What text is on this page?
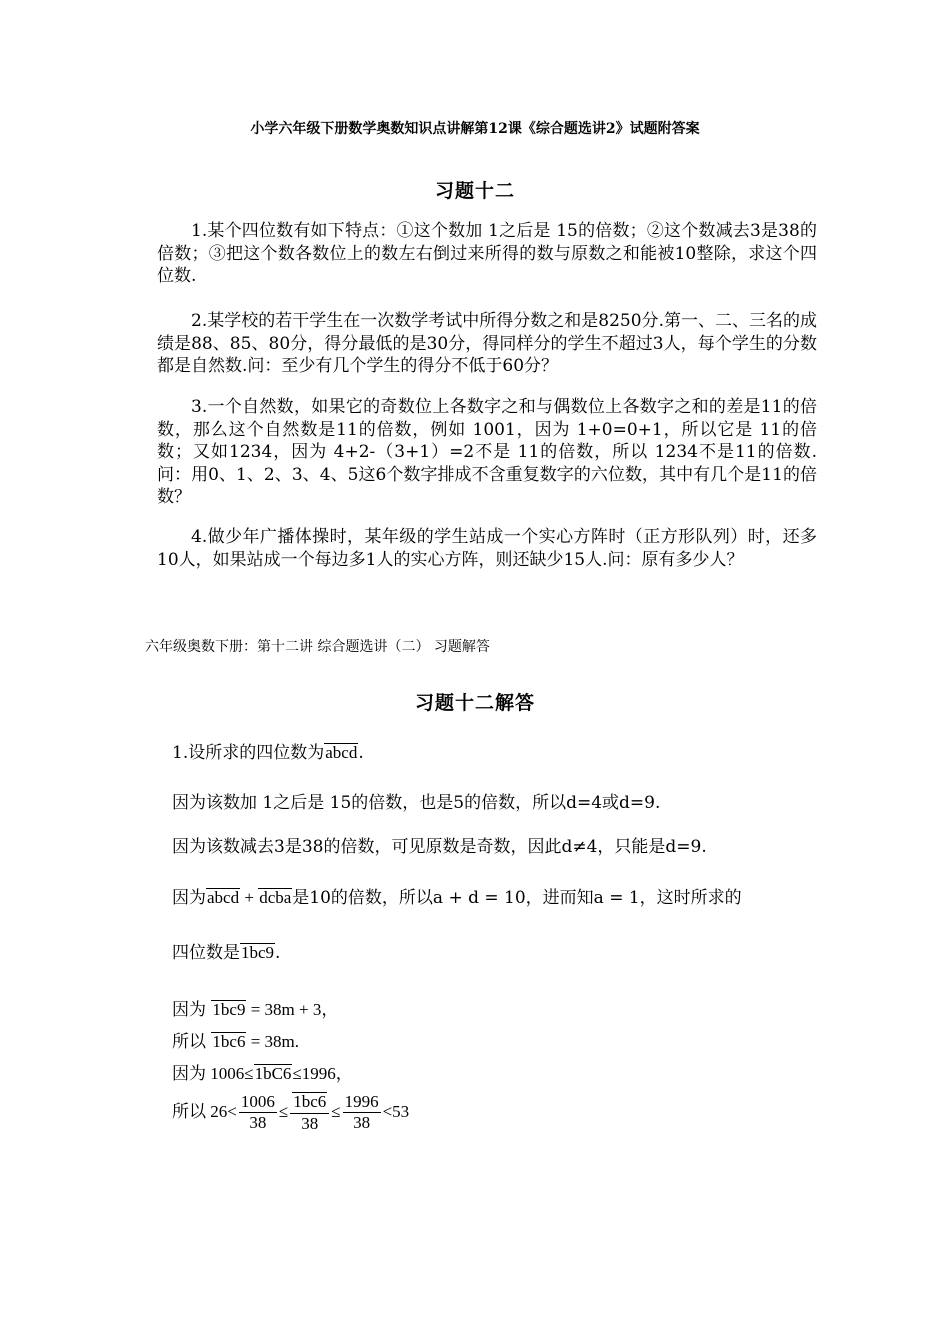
小学六年级下册数学奥数知识点讲解第12课《综合题选讲2》试题附答案
习题十二

1.某个四位数有如下特点：①这个数加 1之后是 15的倍数；②这个数减去3是38的倍数；③把这个数各数位上的数左右倒过来所得的数与原数之和能被10整除，求这个四位数.

2.某学校的若干学生在一次数学考试中所得分数之和是8250分.第一、二、三名的成绩是88、85、80分，得分最低的是30分，得同样分的学生不超过3人，每个学生的分数都是自然数.问：至少有几个学生的得分不低于60分？

3.一个自然数，如果它的奇数位上各数字之和与偶数位上各数字之和的差是11的倍数，那么这个自然数是11的倍数，例如 1001，因为 1+0=0+1，所以它是 11的倍数；又如1234，因为 4+2-（3+1）=2不是 11的倍数，所以 1234不是11的倍数.问：用0、1、2、3、4、5这6个数字排成不含重复数字的六位数，其中有几个是11的倍数？

4.做少年广播体操时，某年级的学生站成一个实心方阵时（正方形队列）时，还多10人，如果站成一个每边多1人的实心方阵，则还缺少15人.问：原有多少人？

六年级奥数下册：第十二讲 综合题选讲（二） 习题解答
习题十二解答

1.设所求的四位数为abcd.

因为该数加 1之后是 15的倍数，也是5的倍数，所以d=4或d=9.

因为该数减去3是38的倍数，可见原数是奇数，因此d≠4，只能是d=9.

因为abcd + dcba是10的倍数，所以a + d = 10，进而知a = 1，这时所求的

四位数是1bc9.

因为 1bc9 = 38m + 3，

所以 1bc6 = 38m.

因为 1006≤1bC6≤1996，

所以 $26< \frac{1006}{38} \le \frac{1bc6}{38} \le \frac{1996}{38} <53$
